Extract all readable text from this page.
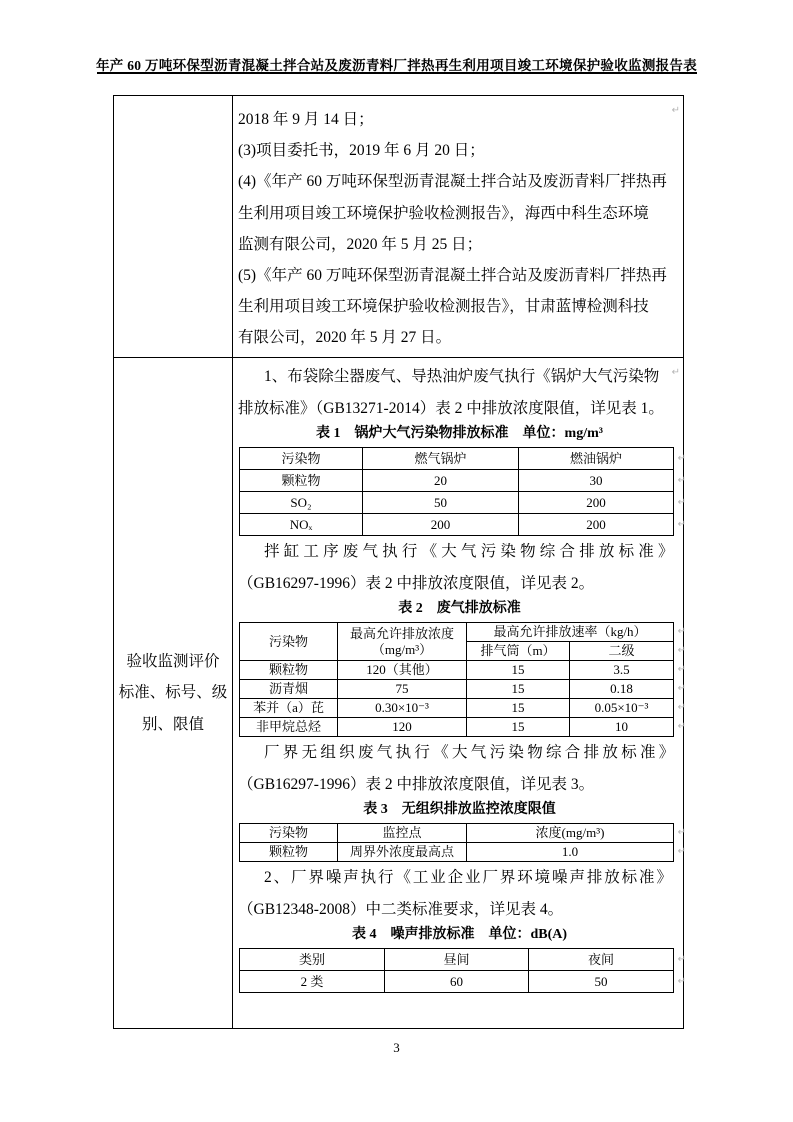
年产 60 万吨环保型沥青混凝土拌合站及废沥青料厂拌热再生利用项目竣工环境保护验收监测报告表
2018 年 9 月 14 日；
(3)项目委托书，2019 年 6 月 20 日；
(4)《年产 60 万吨环保型沥青混凝土拌合站及废沥青料厂拌热再
生利用项目竣工环境保护验收检测报告》，海西中科生态环境
监测有限公司，2020 年 5 月 25 日；
(5)《年产 60 万吨环保型沥青混凝土拌合站及废沥青料厂拌热再
生利用项目竣工环境保护验收检测报告》，甘肃蓝博检测科技
有限公司，2020 年 5 月 27 日。
↵
验收监测评价
标准、标号、级
别、限值
1、布袋除尘器废气、导热油炉废气执行《锅炉大气污染物
排放标准》（GB13271-2014）表 2 中排放浓度限值，详见表 1。
表 1　锅炉大气污染物排放标准　单位：mg/m³
污染物	燃气锅炉	燃油锅炉 ↵
颗粒物	20	30 ↵
SO₂	50	200 ↵
NOₓ	200	200 ↵
拌缸工序废气执行《大气污染物综合排放标准》
（GB16297-1996）表 2 中排放浓度限值，详见表 2。
表 2　废气排放标准
污染物	最高允许排放浓度
（mg/m³）	最高允许排放速率（kg/h） ↵
		排气筒（m）	二级 ↵
颗粒物	120（其他）	15	3.5 ↵
沥青烟	75	15	0.18 ↵
苯并（a）芘	0.30×10⁻³	15	0.05×10⁻³ ↵
非甲烷总烃	120	15	10 ↵
厂界无组织废气执行《大气污染物综合排放标准》
（GB16297-1996）表 2 中排放浓度限值，详见表 3。
表 3　无组织排放监控浓度限值
污染物	监控点	浓度(mg/m³) ↵
颗粒物	周界外浓度最高点	1.0 ↵
2、厂界噪声执行《工业企业厂界环境噪声排放标准》
（GB12348-2008）中二类标准要求，详见表 4。
表 4　噪声排放标准　单位：dB(A)
类别	昼间	夜间 ↵
2 类	60	50 ↵
↵
3
